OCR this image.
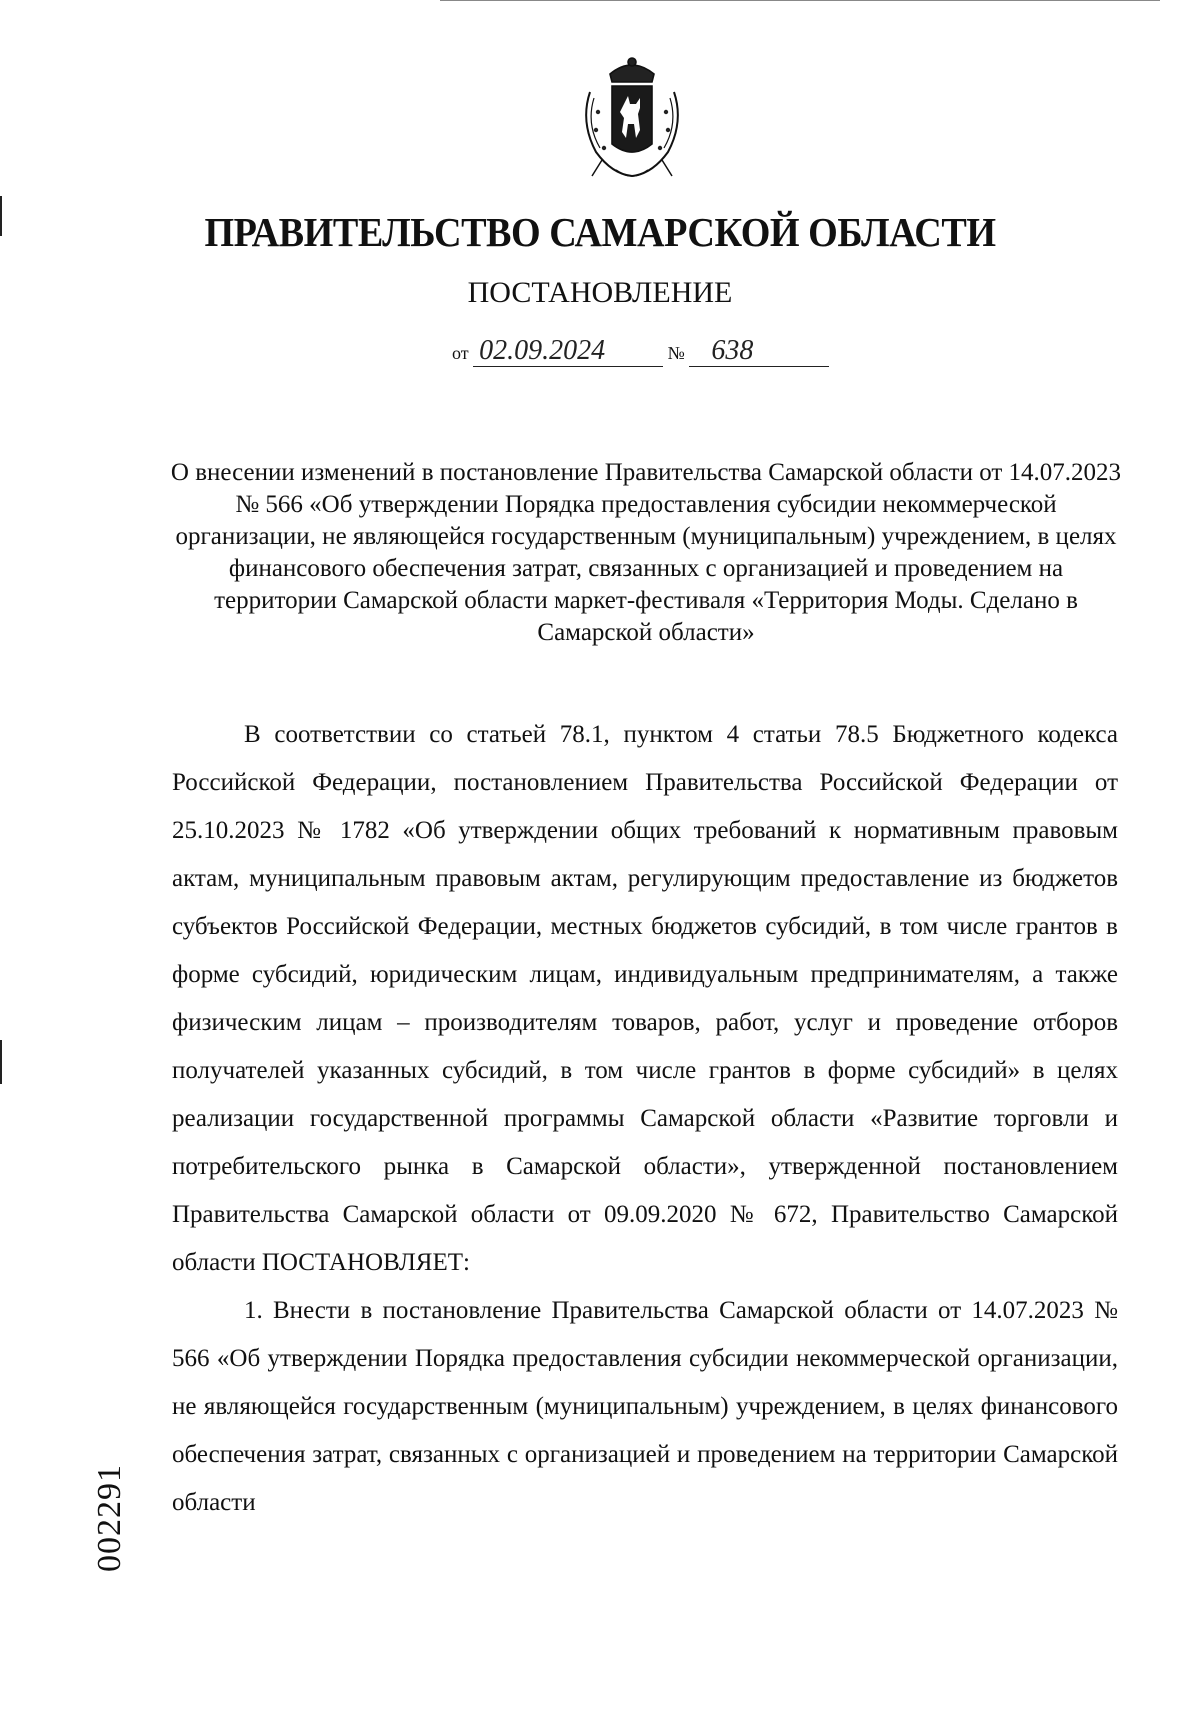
ПРАВИТЕЛЬСТВО САМАРСКОЙ ОБЛАСТИ
ПОСТАНОВЛЕНИЕ
от 02.09.2024	№ 638
О внесении изменений в постановление Правительства Самарской области от 14.07.2023 № 566 «Об утверждении Порядка предоставления субсидии некоммерческой организации, не являющейся государственным (муниципальным) учреждением, в целях финансового обеспечения затрат, связанных с организацией и проведением на территории Самарской области маркет-фестиваля «Территория Моды. Сделано в Самарской области»

В соответствии со статьей 78.1, пунктом 4 статьи 78.5 Бюджетного кодекса Российской Федерации, постановлением Правительства Российской Федерации от 25.10.2023 № 1782 «Об утверждении общих требований к нормативным правовым актам, муниципальным правовым актам, регулирующим предоставление из бюджетов субъектов Российской Федерации, местных бюджетов субсидий, в том числе грантов в форме субсидий, юридическим лицам, индивидуальным предпринимателям, а также физическим лицам – производителям товаров, работ, услуг и проведение отборов получателей указанных субсидий, в том числе грантов в форме субсидий» в целях реализации государственной программы Самарской области «Развитие торговли и потребительского рынка в Самарской области», утвержденной постановлением Правительства Самарской области от 09.09.2020 № 672, Правительство Самарской области ПОСТАНОВЛЯЕТ:

1. Внести в постановление Правительства Самарской области от 14.07.2023 № 566 «Об утверждении Порядка предоставления субсидии некоммерческой организации, не являющейся государственным (муниципальным) учреждением, в целях финансового обеспечения затрат, связанных с организацией и проведением на территории Самарской области

002291
